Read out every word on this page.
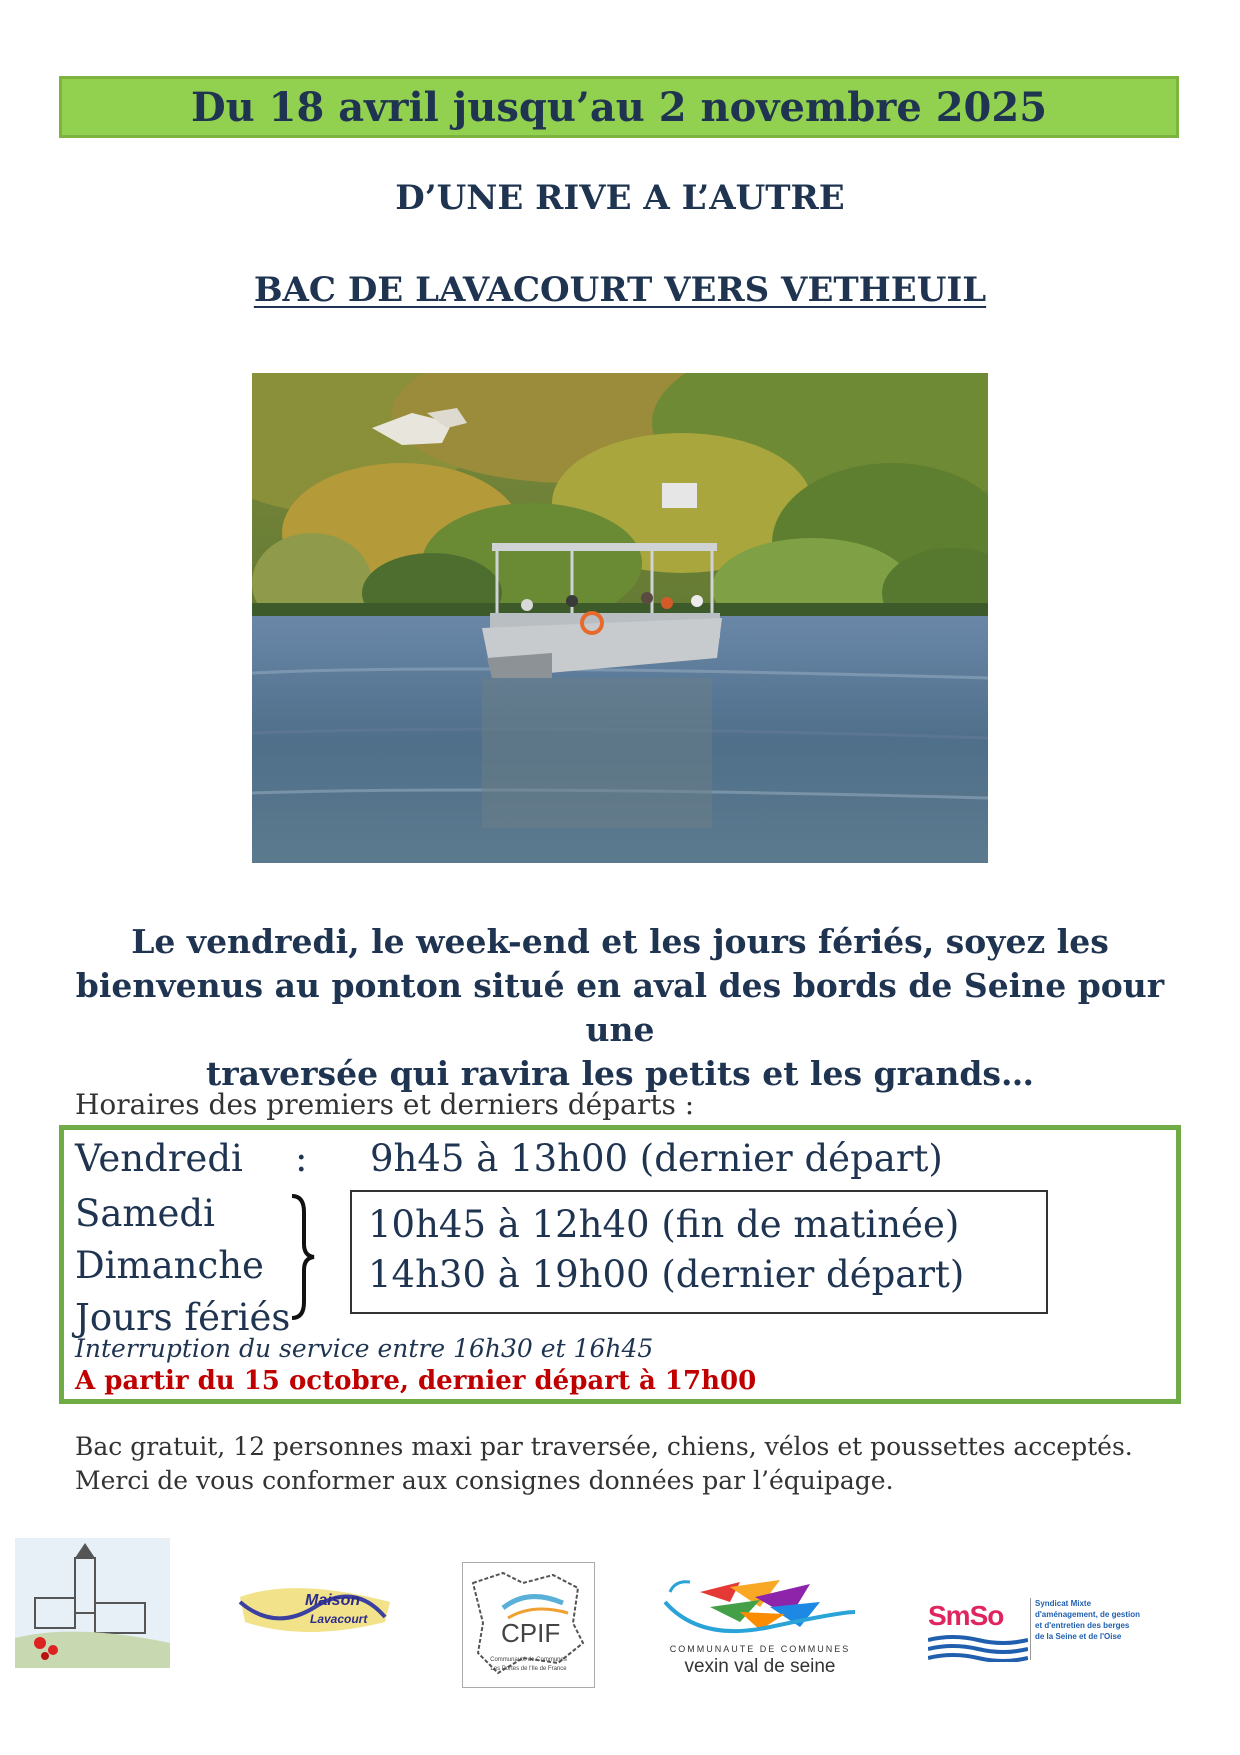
Du 18 avril jusqu’au 2 novembre 2025
D’UNE RIVE A L’AUTRE
BAC DE LAVACOURT VERS VETHEUIL
Le vendredi, le week-end et les jours fériés, soyez les
bienvenus au ponton situé en aval des bords de Seine pour une
traversée qui ravira les petits et les grands…
Horaires des premiers et derniers départs :
Vendredi : 9h45 à 13h00 (dernier départ)
Samedi
Dimanche
Jours fériés
10h45 à 12h40 (fin de matinée)
14h30 à 19h00 (dernier départ)
Interruption du service entre 16h30 et 16h45
A partir du 15 octobre, dernier départ à 17h00
Bac gratuit, 12 personnes maxi par traversée, chiens, vélos et poussettes acceptés.
Merci de vous conformer aux consignes données par l’équipage.
Maison
Lavacourt	CPIF
Communauté de Communes
Les Portes de l'Ile de France
COMMUNAUTE DE COMMUNES
vexin val de seine
SmSo	Syndicat Mixte
d'aménagement, de gestion
et d'entretien des berges
de la Seine et de l'Oise
